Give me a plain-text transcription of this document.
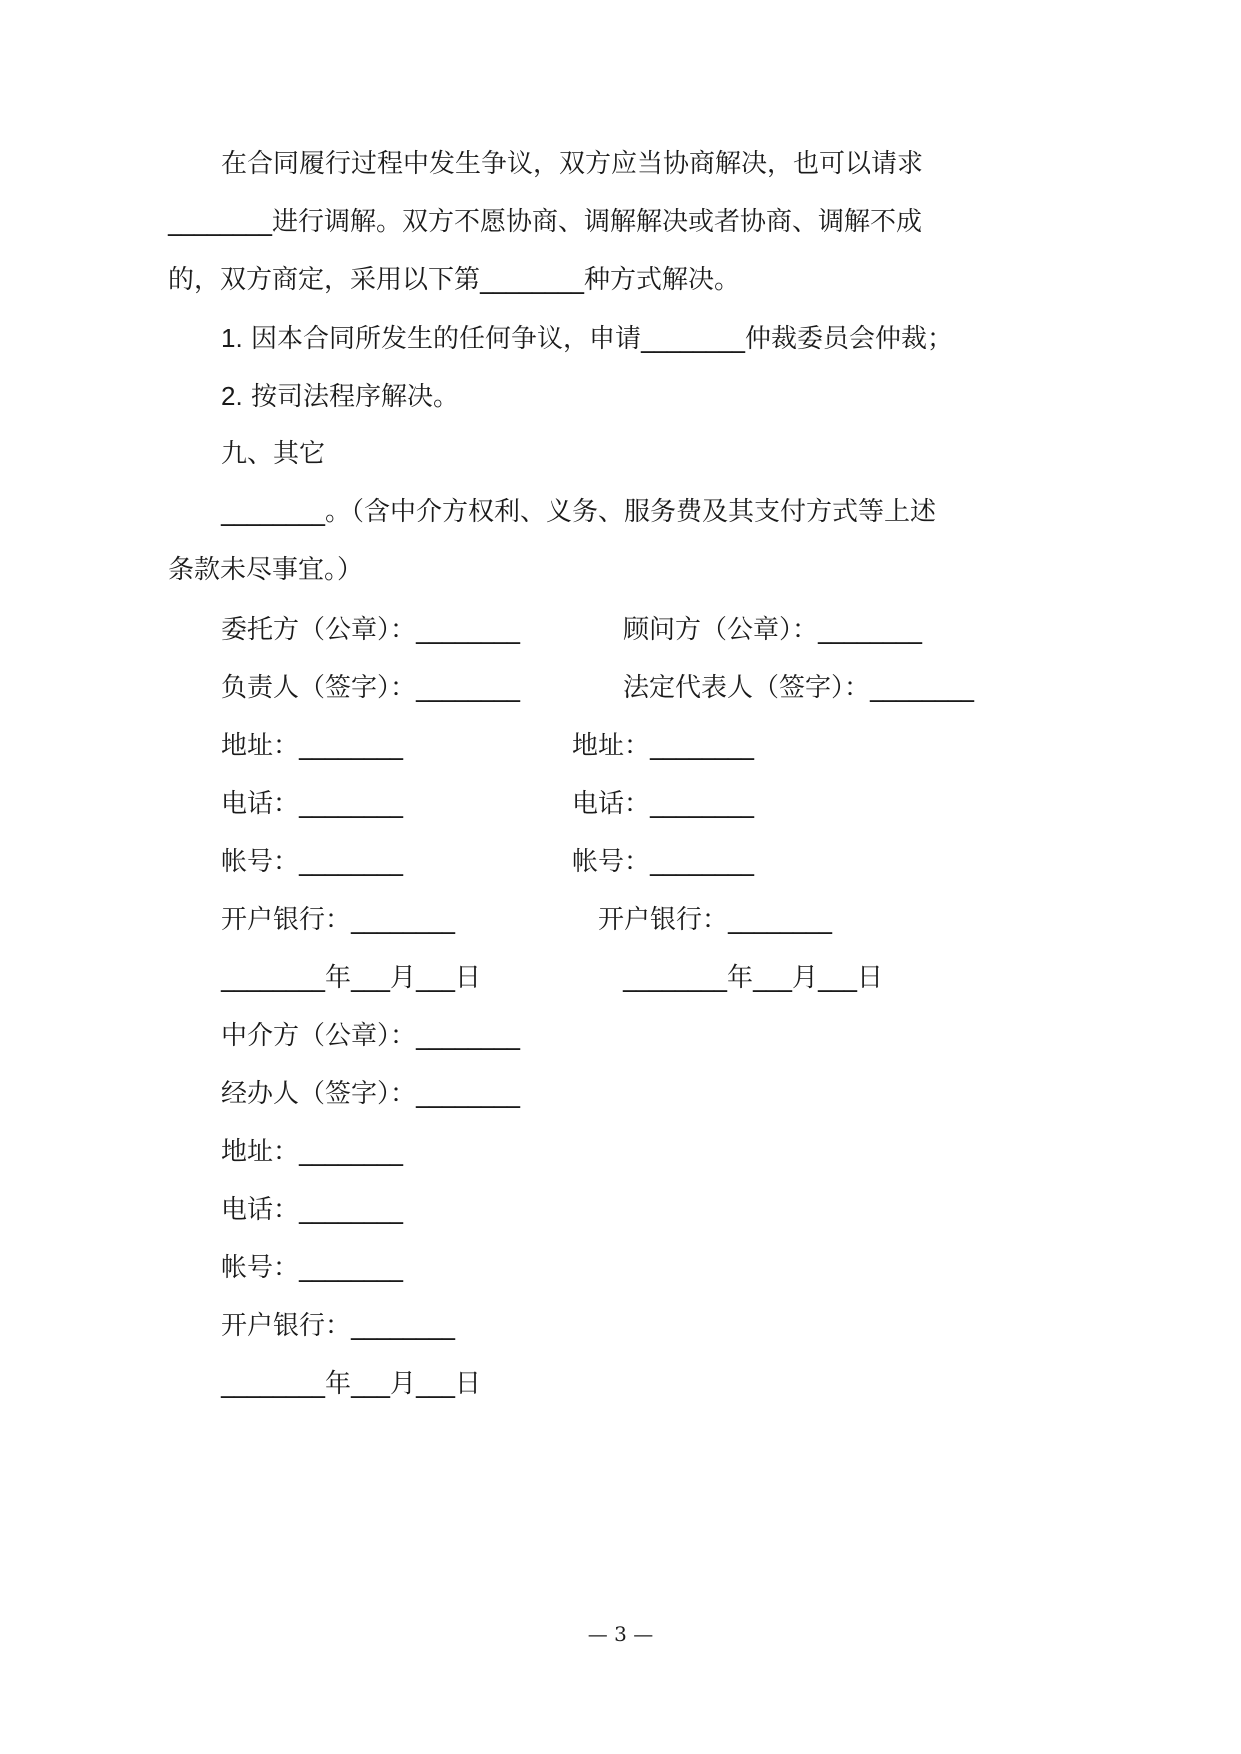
在合同履行过程中发生争议，双方应当协商解决，也可以请求
________进行调解。双方不愿协商、调解解决或者协商、调解不成
的，双方商定，采用以下第________种方式解决。
1. 因本合同所发生的任何争议，申请________仲裁委员会仲裁；
2. 按司法程序解决。
九、其它
________。（含中介方权利、义务、服务费及其支付方式等上述
条款未尽事宜。）
委托方（公章）：________	顾问方（公章）：________
负责人（签字）：________	法定代表人（签字）：________
地址：________	地址：________
电话：________	电话：________
帐号：________	帐号：________
开户银行：________	开户银行：________
________年___月___日	________年___月___日
中介方（公章）：________
经办人（签字）：________
地址：________
电话：________
帐号：________
开户银行：________
________年___月___日
— 3 —
